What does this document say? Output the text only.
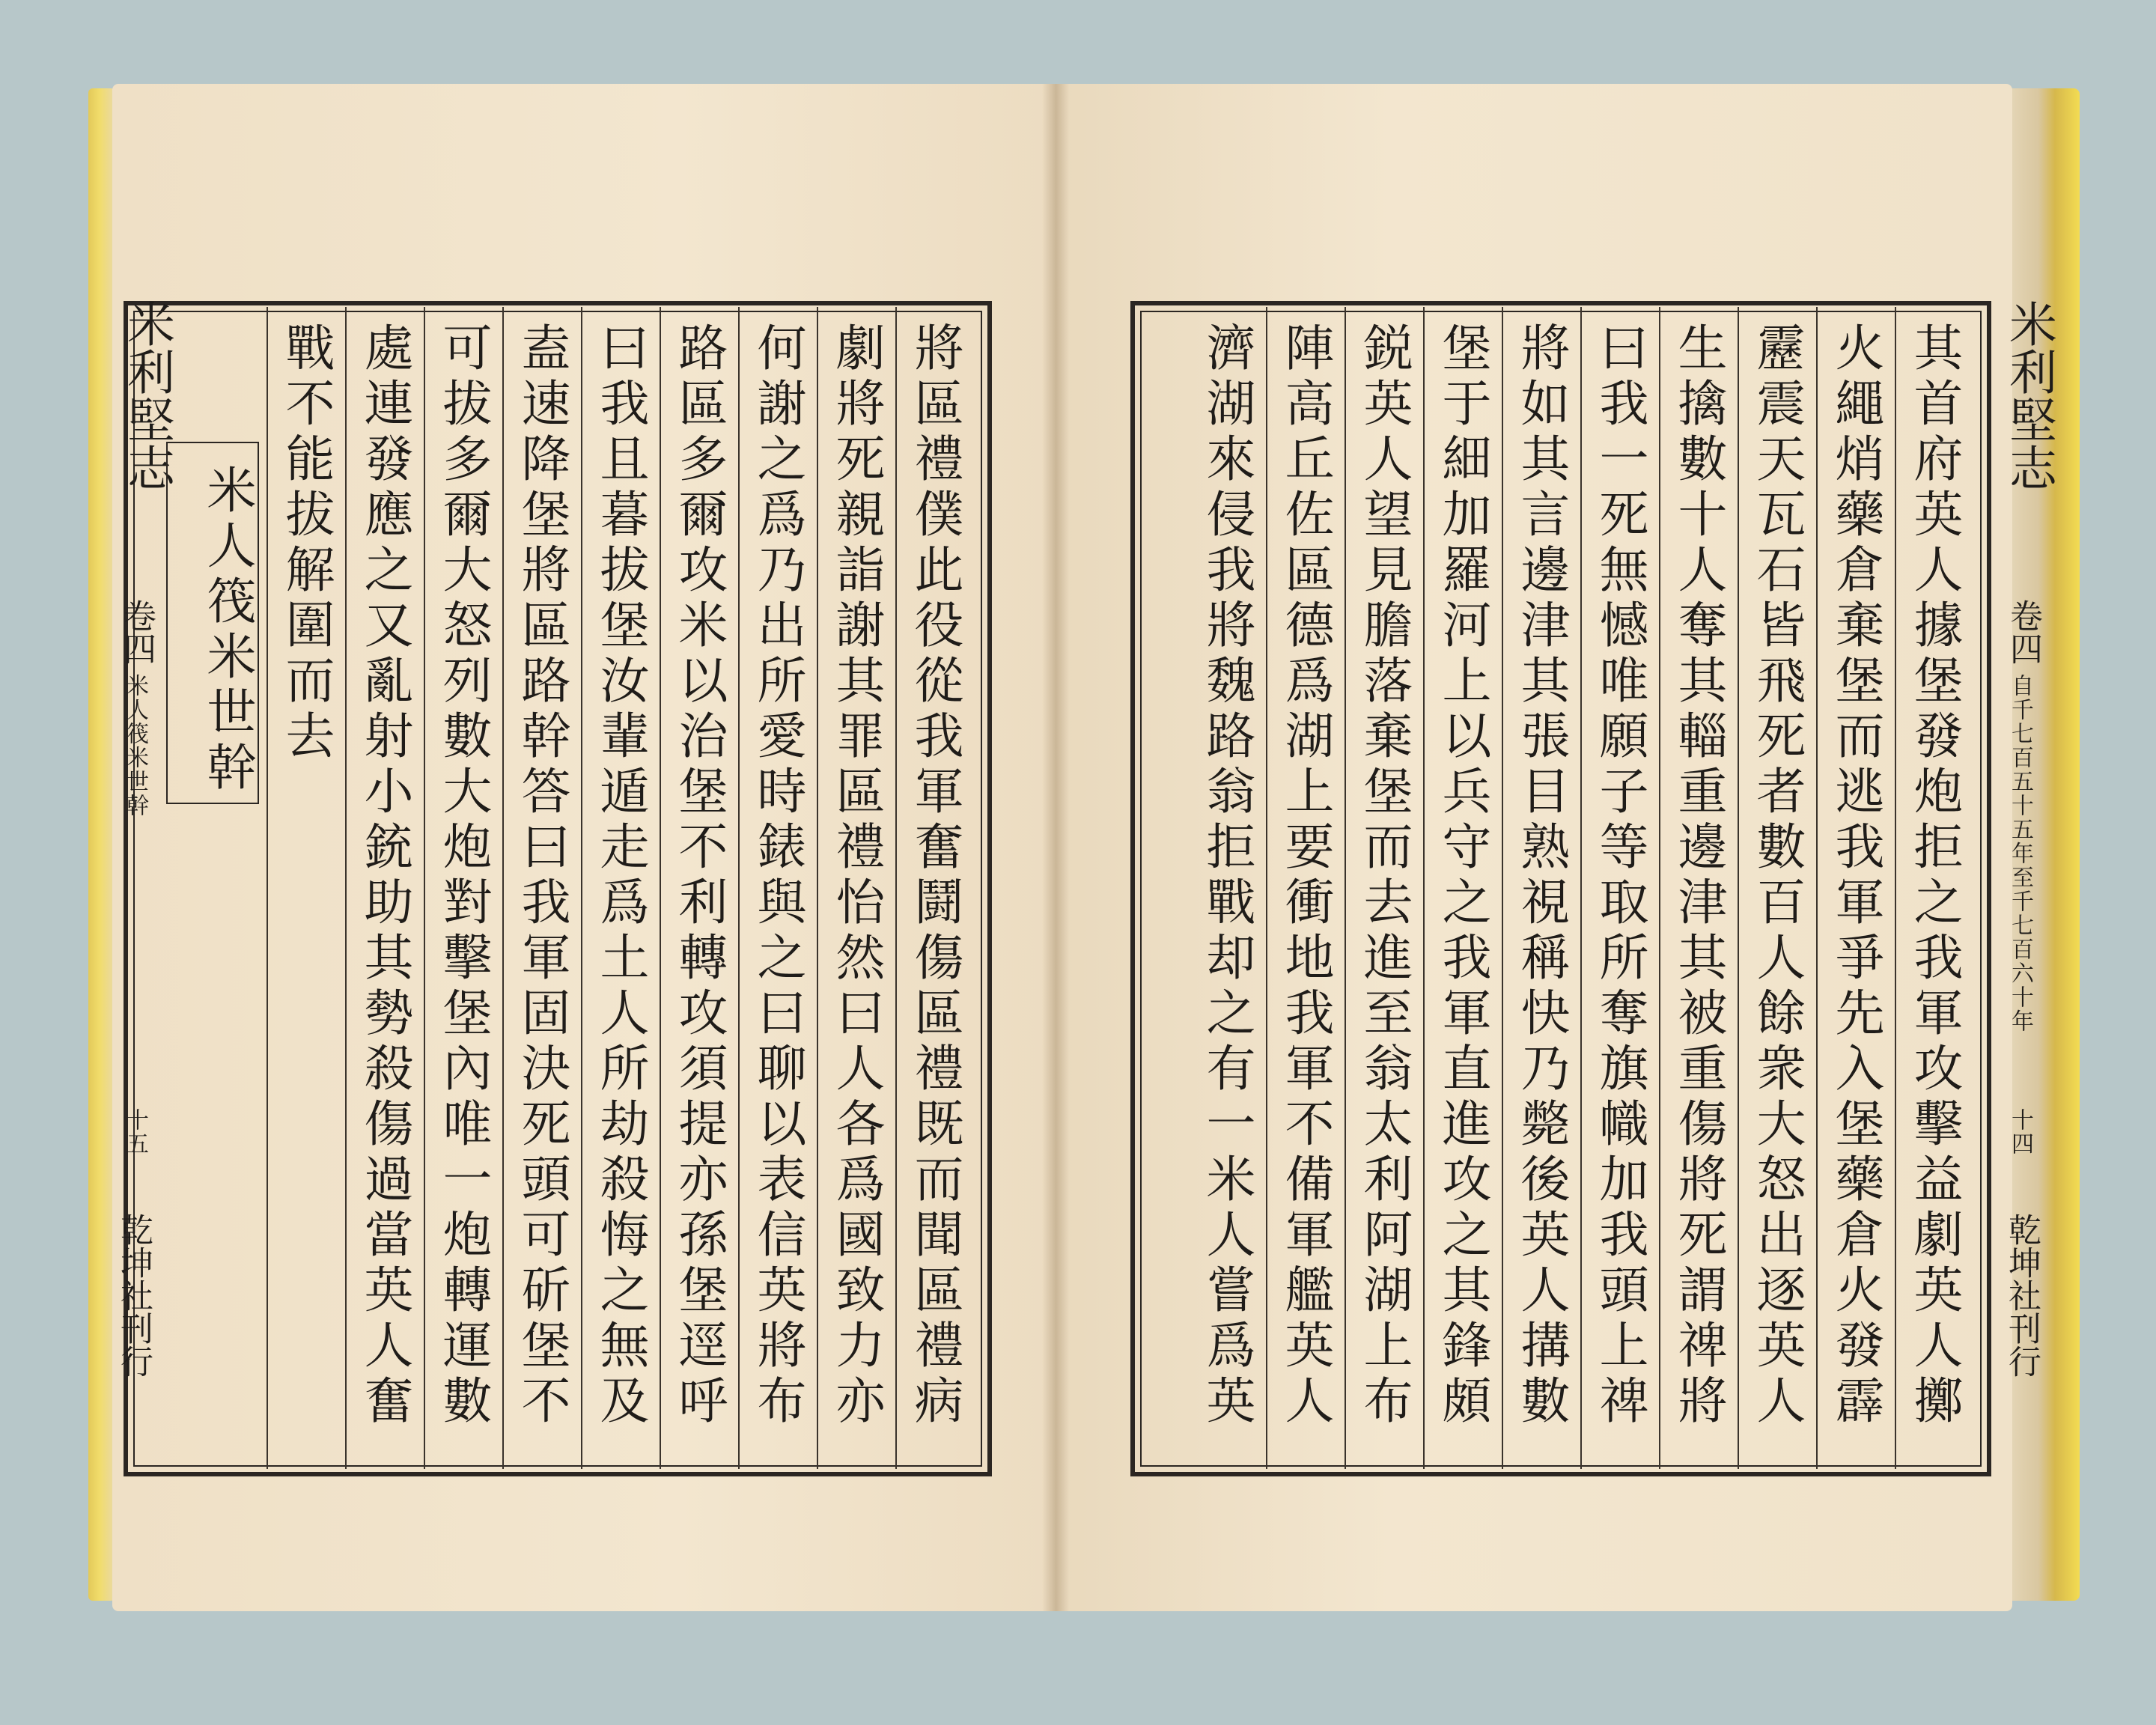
米利堅志
卷四
米人筏米世幹
十五
乾坤社刊行	將區禮僕此役從我軍奮鬪傷區禮既而聞區禮病
劇將死親詣謝其罪區禮怡然曰人各爲國致力亦
何謝之爲乃出所愛時錶與之曰聊以表信英將布
路區多爾攻米以治堡不利轉攻須提亦孫堡逕呼
曰我且暮拔堡汝輩遁走爲土人所劫殺悔之無及
盍速降堡將區路幹答曰我軍固決死頭可斫堡不
可拔多爾大怒列數大炮對擊堡內唯一炮轉運數
處連發應之又亂射小銃助其勢殺傷過當英人奮
戰不能拔解圍而去
米人筏米世幹
米利堅志
卷四
自千七百五十五年至千七百六十年
十四
乾坤社刊行
其首府英人據堡發炮拒之我軍攻擊益劇英人擲
火繩焇藥倉棄堡而逃我軍爭先入堡藥倉火發霹
靂震天瓦石皆飛死者數百人餘衆大怒出逐英人
生擒數十人奪其輜重邊津其被重傷將死謂禆將
曰我一死無憾唯願子等取所奪旗幟加我頭上禆
將如其言邊津其張目熟視稱快乃斃後英人搆數
堡于細加羅河上以兵守之我軍直進攻之其鋒頗
鋭英人望見膽落棄堡而去進至翁太利阿湖上布
陣高丘佐區德爲湖上要衝地我軍不備軍艦英人
濟湖來侵我將魏路翁拒戰却之有一米人嘗爲英
